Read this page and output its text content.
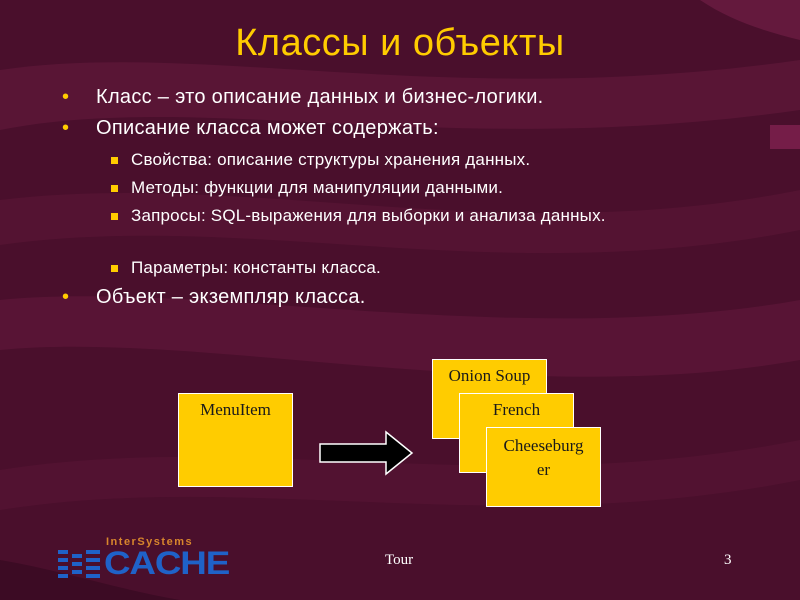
Классы и объекты
• Класс – это описание данных и бизнес-логики.
• Описание класса может содержать:
Свойства: описание структуры хранения данных.
Методы: функции для манипуляции данными.
Запросы: SQL-выражения для выборки и анализа данных.
Параметры: константы класса.
• Объект – экземпляр класса.
MenuItem
Onion Soup
French
Cheeseburger
InterSystems
CACHE	Tour	3
